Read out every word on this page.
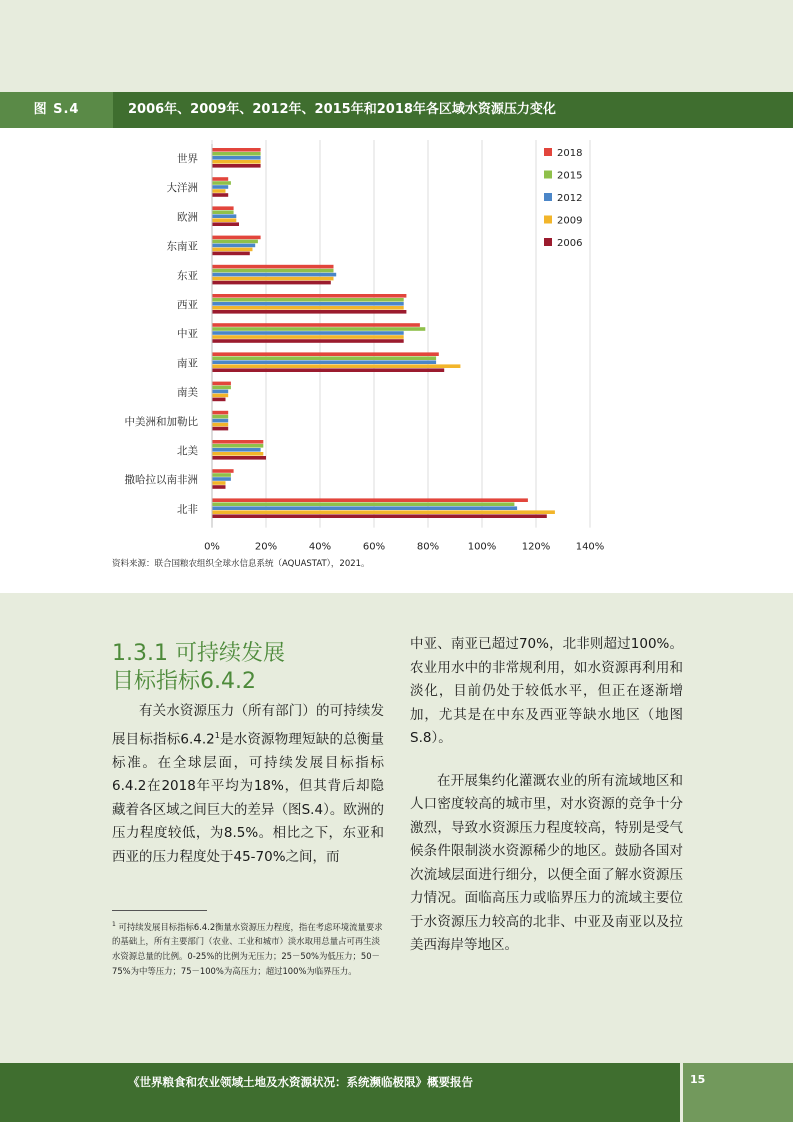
图 S.4	2006年、2009年、2012年、2015年和2018年各区域水资源压力变化
0%	20%	40%	60%	80%	100%	120%	140%
世界
大洋洲
欧洲
东南亚
东亚
西亚
中亚
南亚
南美
中美洲和加勒比
北美
撒哈拉以南非洲
北非
2018
2015
2012
2009
2006
资料来源：联合国粮农组织全球水信息系统（AQUASTAT），2021。
1.3.1 可持续发展
目标指标6.4.2

有关水资源压力（所有部门）的可持续发展目标指标6.4.2$^1$是水资源物理短缺的总衡量标准。在全球层面，可持续发展目标指标6.4.2在2018年平均为18%，但其背后却隐藏着各区域之间巨大的差异（图S.4）。欧洲的压力程度较低，为8.5%。相比之下，东亚和西亚的压力程度处于45-70%之间，而

中亚、南亚已超过70%，北非则超过100%。农业用水中的非常规利用，如水资源再利用和淡化，目前仍处于较低水平，但正在逐渐增加，尤其是在中东及西亚等缺水地区（地图 S.8）。

在开展集约化灌溉农业的所有流域地区和人口密度较高的城市里，对水资源的竞争十分激烈，导致水资源压力程度较高，特别是受气候条件限制淡水资源稀少的地区。鼓励各国对次流域层面进行细分，以便全面了解水资源压力情况。面临高压力或临界压力的流域主要位于水资源压力较高的北非、中亚及南亚以及拉美西海岸等地区。

$^1$ 可持续发展目标指标6.4.2衡量水资源压力程度，指在考虑环境流量要求的基础上，所有主要部门（农业、工业和城市）淡水取用总量占可再生淡水资源总量的比例。0-25%的比例为无压力；25－50%为低压力；50－75%为中等压力；75－100%为高压力；超过100%为临界压力。
《世界粮食和农业领域土地及水资源状况：系统濒临极限》概要报告	15
